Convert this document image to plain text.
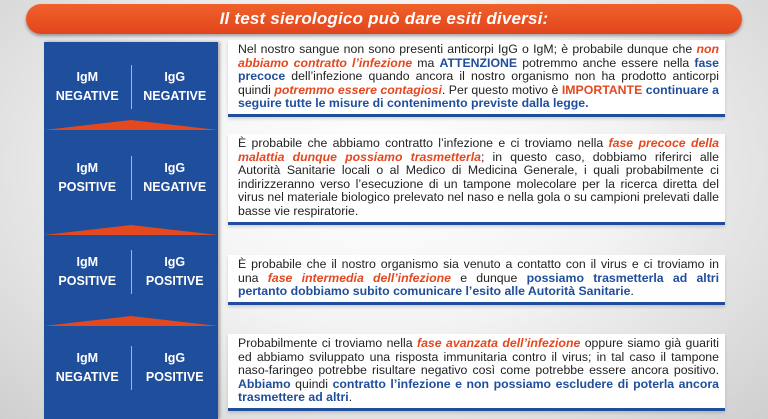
Il test sierologico può dare esiti diversi:
IgM
NEGATIVE
IgG
NEGATIVE
IgM
POSITIVE
IgG
NEGATIVE
IgM
POSITIVE
IgG
POSITIVE
IgM
NEGATIVE
IgG
POSITIVE

Nel nostro sangue non sono presenti anticorpi IgG o IgM; è probabile dunque che non abbiamo contratto l’infezione ma ATTENZIONE potremmo anche essere nella fase precoce dell’infezione quando ancora il nostro organismo non ha prodotto anticorpi quindi potremmo essere contagiosi. Per questo motivo è IMPORTANTE continuare a seguire tutte le misure di contenimento previste dalla legge.

È probabile che abbiamo contratto l’infezione e ci troviamo nella fase precoce della malattia dunque possiamo trasmetterla; in questo caso, dobbiamo riferirci alle Autorità Sanitarie locali o al Medico di Medicina Generale, i quali probabilmente ci indirizzeranno verso l’esecuzione di un tampone molecolare per la ricerca diretta del virus nel materiale biologico prelevato nel naso e nella gola o su campioni prelevati dalle basse vie respiratorie.

È probabile che il nostro organismo sia venuto a contatto con il virus e ci troviamo in una fase intermedia dell’infezione e dunque possiamo trasmetterla ad altri pertanto dobbiamo subito comunicare l’esito alle Autorità Sanitarie.

Probabilmente ci troviamo nella fase avanzata dell’infezione oppure siamo già guariti ed abbiamo sviluppato una risposta immunitaria contro il virus; in tal caso il tampone naso-faringeo potrebbe risultare negativo così come potrebbe essere ancora positivo. Abbiamo quindi contratto l’infezione e non possiamo escludere di poterla ancora trasmettere ad altri.
